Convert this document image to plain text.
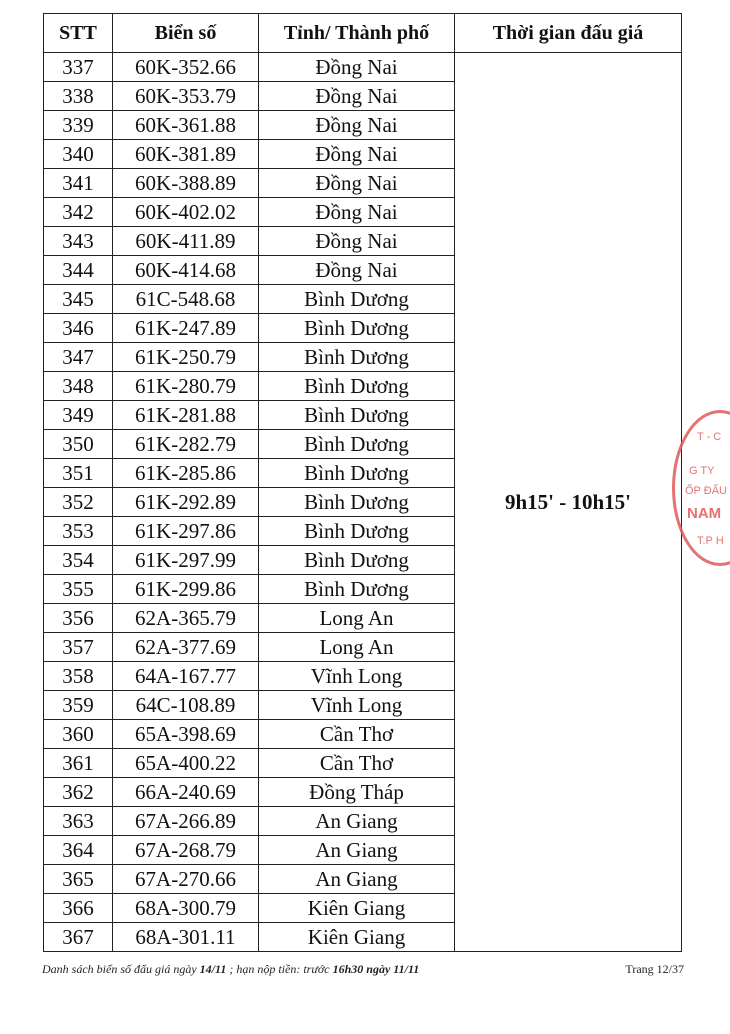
STT	Biển số	Tỉnh/ Thành phố	Thời gian đấu giá
337	60K-352.66	Đồng Nai	9h15' - 10h15'
338	60K-353.79	Đồng Nai	
339	60K-361.88	Đồng Nai	
340	60K-381.89	Đồng Nai	
341	60K-388.89	Đồng Nai	
342	60K-402.02	Đồng Nai	
343	60K-411.89	Đồng Nai	
344	60K-414.68	Đồng Nai	
345	61C-548.68	Bình Dương	
346	61K-247.89	Bình Dương	
347	61K-250.79	Bình Dương	
348	61K-280.79	Bình Dương	
349	61K-281.88	Bình Dương	
350	61K-282.79	Bình Dương	
351	61K-285.86	Bình Dương	
352	61K-292.89	Bình Dương	
353	61K-297.86	Bình Dương	
354	61K-297.99	Bình Dương	
355	61K-299.86	Bình Dương	
356	62A-365.79	Long An	
357	62A-377.69	Long An	
358	64A-167.77	Vĩnh Long	
359	64C-108.89	Vĩnh Long	
360	65A-398.69	Cần Thơ	
361	65A-400.22	Cần Thơ	
362	66A-240.69	Đồng Tháp	
363	67A-266.89	An Giang	
364	67A-268.79	An Giang	
365	67A-270.66	An Giang	
366	68A-300.79	Kiên Giang	
367	68A-301.11	Kiên Giang	
Danh sách biển số đấu giá ngày 14/11 ; hạn nộp tiền: trước 16h30 ngày 11/11	Trang 12/37
T - C
G TY
ỐP ĐẤU
NAM
T.P H
